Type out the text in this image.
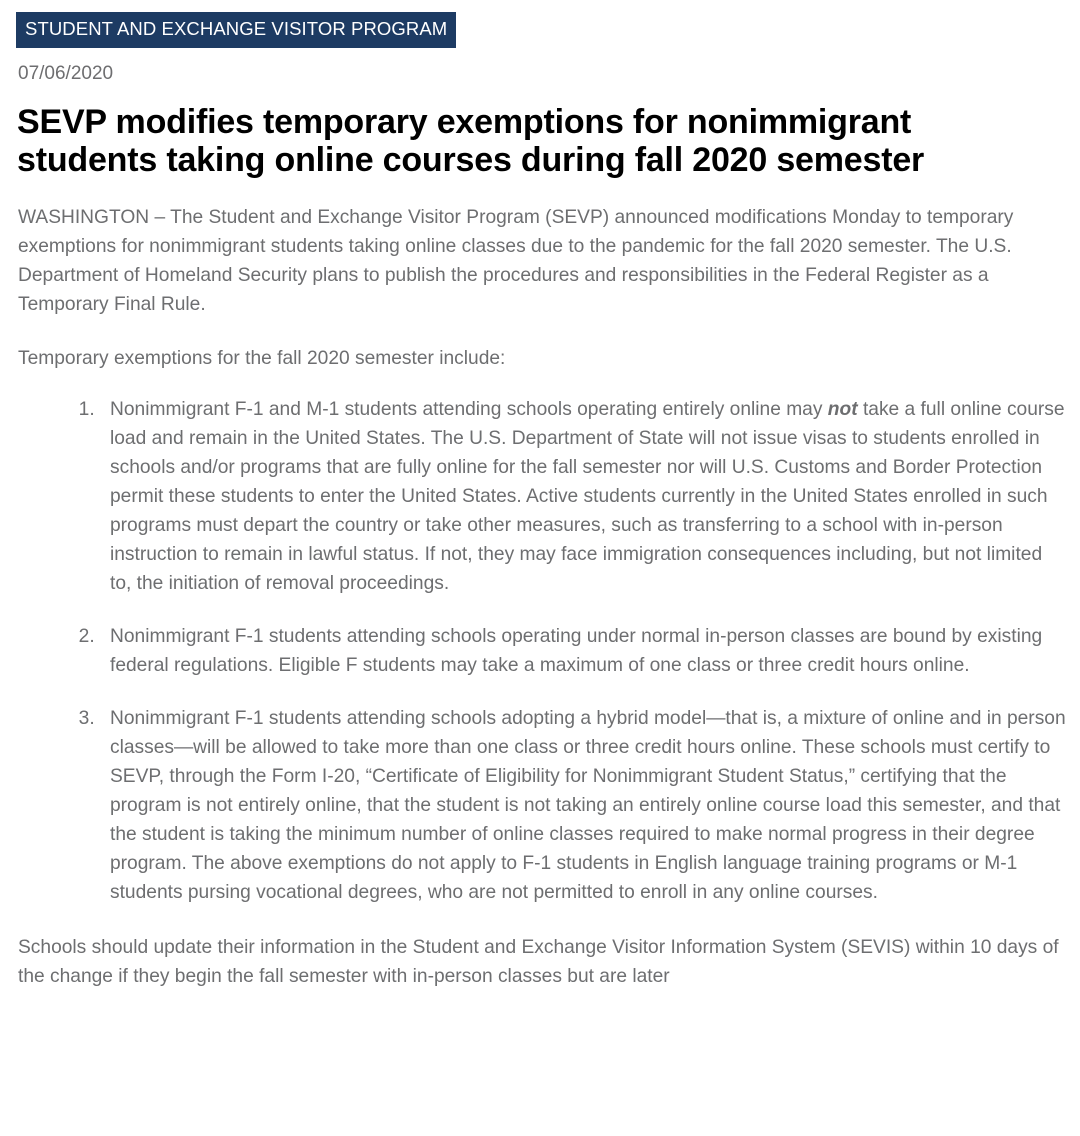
STUDENT AND EXCHANGE VISITOR PROGRAM
07/06/2020
SEVP modifies temporary exemptions for nonimmigrant students taking online courses during fall 2020 semester

WASHINGTON – The Student and Exchange Visitor Program (SEVP) announced modifications Monday to temporary exemptions for nonimmigrant students taking online classes due to the pandemic for the fall 2020 semester. The U.S. Department of Homeland Security plans to publish the procedures and responsibilities in the Federal Register as a Temporary Final Rule.

Temporary exemptions for the fall 2020 semester include:

1. Nonimmigrant F-1 and M-1 students attending schools operating entirely online may not take a full online course load and remain in the United States. The U.S. Department of State will not issue visas to students enrolled in schools and/or programs that are fully online for the fall semester nor will U.S. Customs and Border Protection permit these students to enter the United States. Active students currently in the United States enrolled in such programs must depart the country or take other measures, such as transferring to a school with in-person instruction to remain in lawful status. If not, they may face immigration consequences including, but not limited to, the initiation of removal proceedings.
2. Nonimmigrant F-1 students attending schools operating under normal in-person classes are bound by existing federal regulations. Eligible F students may take a maximum of one class or three credit hours online.
3. Nonimmigrant F-1 students attending schools adopting a hybrid model—that is, a mixture of online and in person classes—will be allowed to take more than one class or three credit hours online. These schools must certify to SEVP, through the Form I-20, “Certificate of Eligibility for Nonimmigrant Student Status,” certifying that the program is not entirely online, that the student is not taking an entirely online course load this semester, and that the student is taking the minimum number of online classes required to make normal progress in their degree program. The above exemptions do not apply to F-1 students in English language training programs or M-1 students pursing vocational degrees, who are not permitted to enroll in any online courses.

Schools should update their information in the Student and Exchange Visitor Information System (SEVIS) within 10 days of the change if they begin the fall semester with in-person classes but are later
